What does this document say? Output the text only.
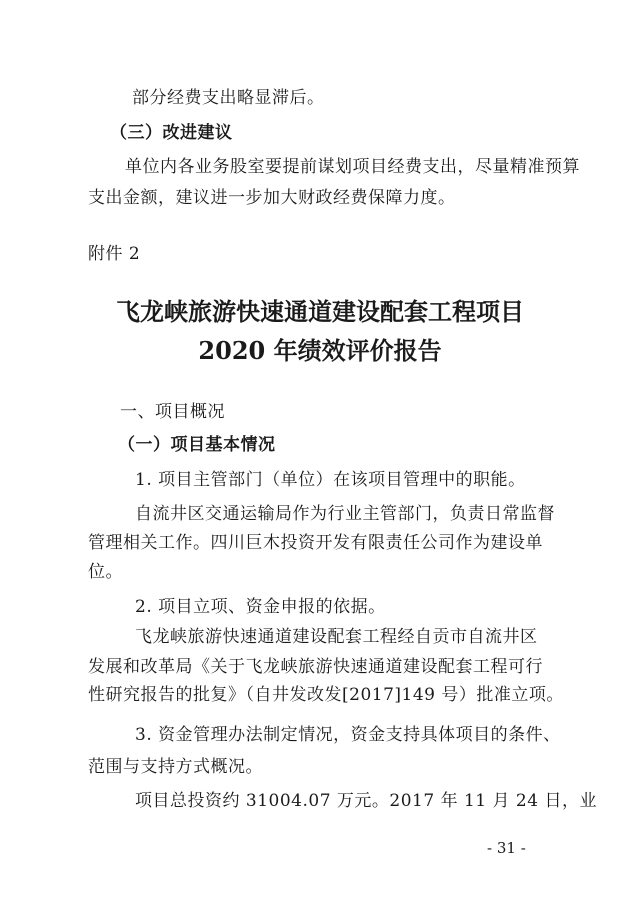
部分经费支出略显滞后。
（三）改进建议
单位内各业务股室要提前谋划项目经费支出，尽量精准预算
支出金额，建议进一步加大财政经费保障力度。
附件 2
飞龙峡旅游快速通道建设配套工程项目
2020 年绩效评价报告
一、项目概况
（一）项目基本情况
1. 项目主管部门（单位）在该项目管理中的职能。
自流井区交通运输局作为行业主管部门，负责日常监督
管理相关工作。四川巨木投资开发有限责任公司作为建设单
位。
2. 项目立项、资金申报的依据。
飞龙峡旅游快速通道建设配套工程经自贡市自流井区
发展和改革局《关于飞龙峡旅游快速通道建设配套工程可行
性研究报告的批复》（自井发改发[2017]149 号）批准立项。
3. 资金管理办法制定情况，资金支持具体项目的条件、
范围与支持方式概况。
项目总投资约 31004.07 万元。2017 年 11 月 24 日，业
- 31 -
